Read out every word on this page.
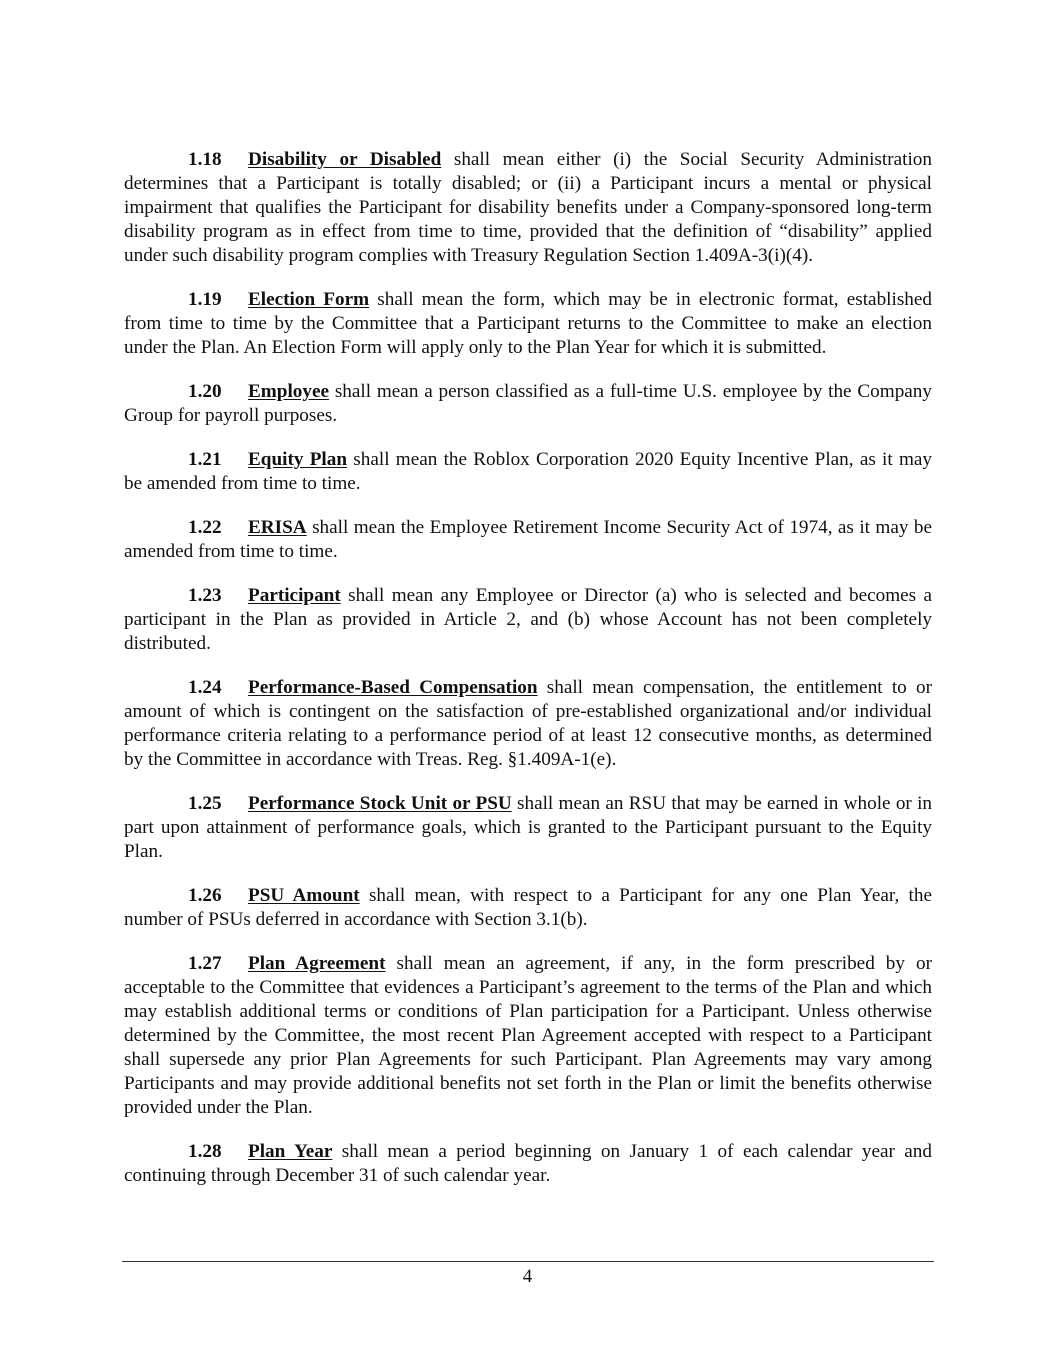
1.18 Disability or Disabled shall mean either (i) the Social Security Administration determines that a Participant is totally disabled; or (ii) a Participant incurs a mental or physical impairment that qualifies the Participant for disability benefits under a Company-sponsored long-term disability program as in effect from time to time, provided that the definition of “disability” applied under such disability program complies with Treasury Regulation Section 1.409A-3(i)(4).

1.19 Election Form shall mean the form, which may be in electronic format, established from time to time by the Committee that a Participant returns to the Committee to make an election under the Plan. An Election Form will apply only to the Plan Year for which it is submitted.

1.20 Employee shall mean a person classified as a full-time U.S. employee by the Company Group for payroll purposes.

1.21 Equity Plan shall mean the Roblox Corporation 2020 Equity Incentive Plan, as it may be amended from time to time.

1.22 ERISA shall mean the Employee Retirement Income Security Act of 1974, as it may be amended from time to time.

1.23 Participant shall mean any Employee or Director (a) who is selected and becomes a participant in the Plan as provided in Article 2, and (b) whose Account has not been completely distributed.

1.24 Performance-Based Compensation shall mean compensation, the entitlement to or amount of which is contingent on the satisfaction of pre-established organizational and/or individual performance criteria relating to a performance period of at least 12 consecutive months, as determined by the Committee in accordance with Treas. Reg. §1.409A-1(e).

1.25 Performance Stock Unit or PSU shall mean an RSU that may be earned in whole or in part upon attainment of performance goals, which is granted to the Participant pursuant to the Equity Plan.

1.26 PSU Amount shall mean, with respect to a Participant for any one Plan Year, the number of PSUs deferred in accordance with Section 3.1(b).

1.27 Plan Agreement shall mean an agreement, if any, in the form prescribed by or acceptable to the Committee that evidences a Participant’s agreement to the terms of the Plan and which may establish additional terms or conditions of Plan participation for a Participant. Unless otherwise determined by the Committee, the most recent Plan Agreement accepted with respect to a Participant shall supersede any prior Plan Agreements for such Participant. Plan Agreements may vary among Participants and may provide additional benefits not set forth in the Plan or limit the benefits otherwise provided under the Plan.

1.28 Plan Year shall mean a period beginning on January 1 of each calendar year and continuing through December 31 of such calendar year.

4
